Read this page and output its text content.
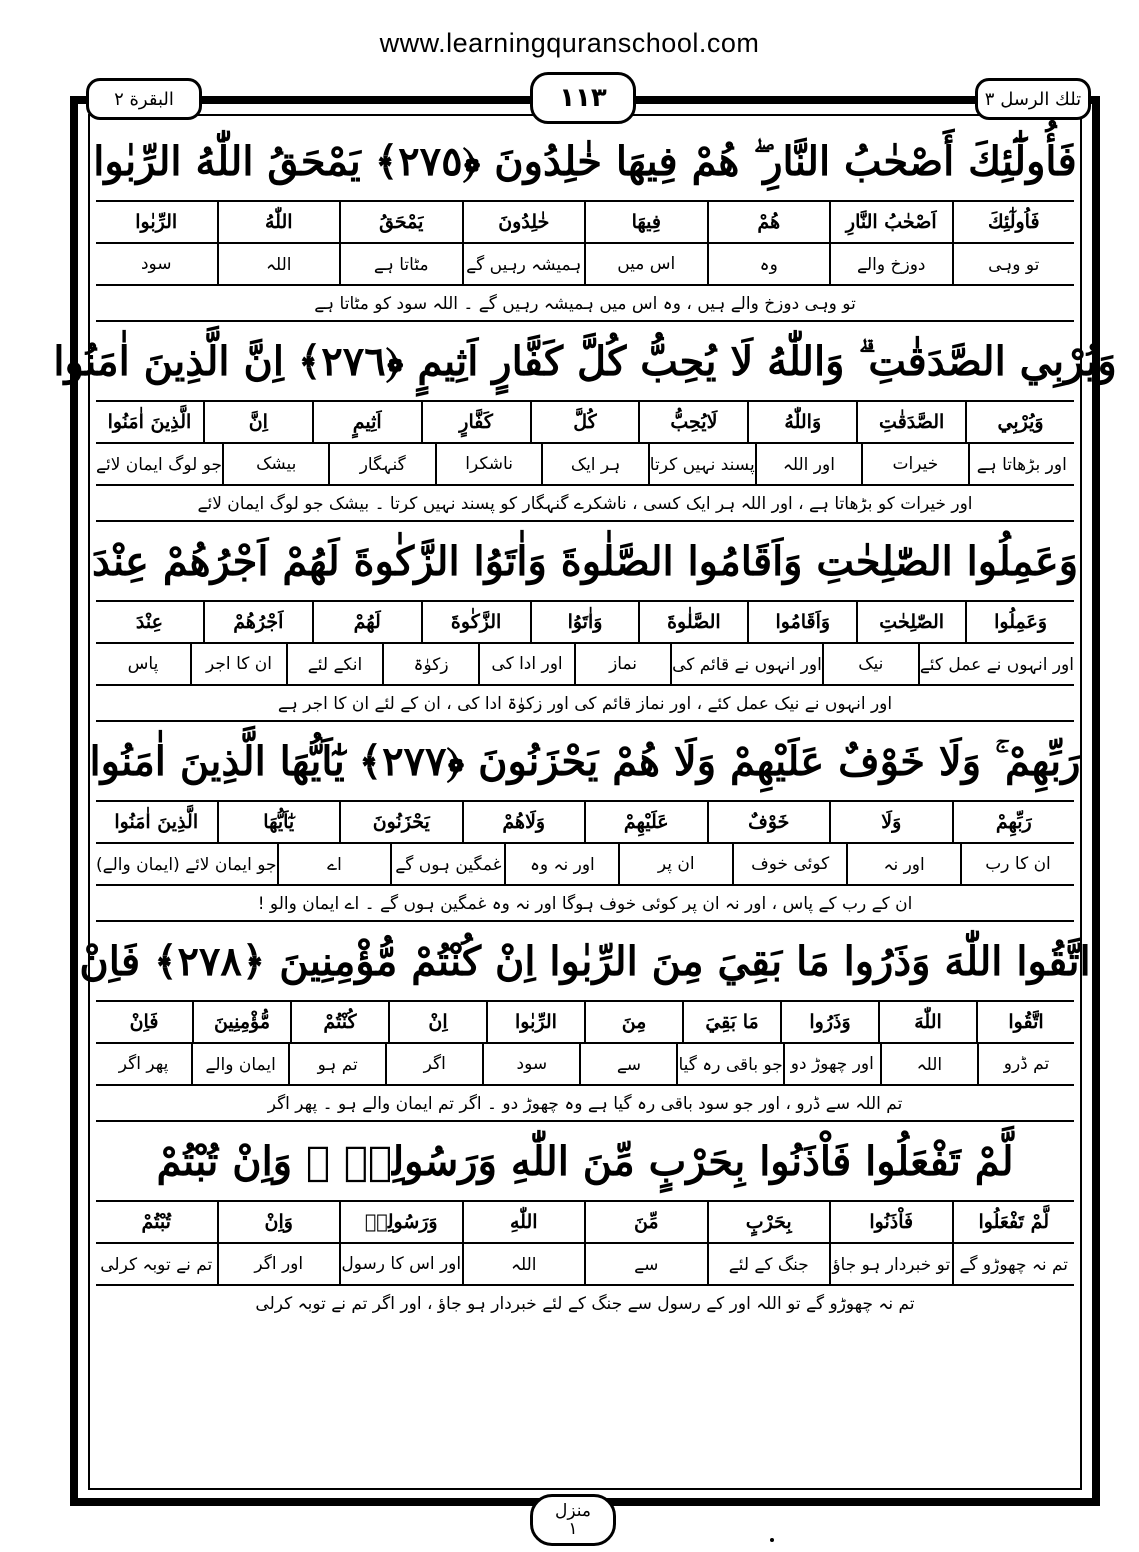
www.learningquranschool.com
البقرة ٢	١١٣	تلك الرسل ٣
فَأُولَٰٓئِكَ أَصْحٰبُ النَّارِ ۖ هُمْ فِيهَا خٰلِدُونَ ﴿٢٧٥﴾ يَمْحَقُ اللّٰهُ الرِّبٰوا
فَاُولٰٓئِكَ
اَصْحٰبُ النَّارِ
هُمْ
فِيهَا
خٰلِدُونَ
يَمْحَقُ
اللّٰهُ
الرِّبٰوا
تو وہی
دوزخ والے
وہ
اس میں
ہمیشہ رہیں گے
مٹاتا ہے
اللہ
سود
تو وہی دوزخ والے ہیں ، وہ اس میں ہمیشہ رہیں گے ۔ اللہ سود کو مٹاتا ہے
وَيُرْبِي الصَّدَقٰتِ ۗ وَاللّٰهُ لَا يُحِبُّ كُلَّ كَفَّارٍ اَثِيمٍ ﴿٢٧٦﴾ اِنَّ الَّذِينَ اٰمَنُوا
وَيُرْبِي
الصَّدَقٰتِ
وَاللّٰهُ
لَايُحِبُّ
كُلَّ
كَفَّارٍ
اَثِيمٍ
اِنَّ
الَّذِينَ اٰمَنُوا
اور بڑھاتا ہے
خیرات
اور اللہ
پسند نہیں کرتا
ہر ایک
ناشکرا
گنہگار
بیشک
جو لوگ ایمان لائے
اور خیرات کو بڑھاتا ہے ، اور اللہ ہر ایک کسی ، ناشکرے گنہگار کو پسند نہیں کرتا ۔ بیشک جو لوگ ایمان لائے
وَعَمِلُوا الصّٰلِحٰتِ وَاَقَامُوا الصَّلٰوةَ وَاٰتَوُا الزَّكٰوةَ لَهُمْ اَجْرُهُمْ عِنْدَ
وَعَمِلُوا
الصّٰلِحٰتِ
وَاَقَامُوا
الصَّلٰوةَ
وَاٰتَوُا
الزَّكٰوةَ
لَهُمْ
اَجْرُهُمْ
عِنْدَ
اور انہوں نے عمل کئے
نیک
اور انہوں نے قائم کی
نماز
اور ادا کی
زکوٰۃ
انکے لئے
ان کا اجر
پاس
اور انہوں نے نیک عمل کئے ، اور نماز قائم کی اور زکوٰۃ ادا کی ، ان کے لئے ان کا اجر ہے
رَبِّهِمْ ۚ وَلَا خَوْفٌ عَلَيْهِمْ وَلَا هُمْ يَحْزَنُونَ ﴿٢٧٧﴾ يٰٓاَيُّهَا الَّذِينَ اٰمَنُوا
رَبِّهِمْ
وَلَا
خَوْفٌ
عَلَيْهِمْ
وَلَاهُمْ
يَحْزَنُونَ
يٰٓاَيُّهَا
الَّذِينَ اٰمَنُوا
ان کا رب
اور نہ
کوئی خوف
ان پر
اور نہ وہ
غمگین ہوں گے
اے
جو ایمان لائے (ایمان والے)
ان کے رب کے پاس ، اور نہ ان پر کوئی خوف ہوگا اور نہ وہ غمگین ہوں گے ۔ اے ایمان والو !
اتَّقُوا اللّٰهَ وَذَرُوا مَا بَقِيَ مِنَ الرِّبٰوا اِنْ كُنْتُمْ مُّؤْمِنِينَ ﴿٢٧٨﴾ فَاِنْ
اتَّقُوا
اللّٰهَ
وَذَرُوا
مَا بَقِيَ
مِنَ
الرِّبٰوا
اِنْ
كُنْتُمْ
مُّؤْمِنِينَ
فَاِنْ
تم ڈرو
اللہ
اور چھوڑ دو
جو باقی رہ گیا
سے
سود
اگر
تم ہو
ایمان والے
پھر اگر
تم اللہ سے ڈرو ، اور جو سود باقی رہ گیا ہے وہ چھوڑ دو ۔ اگر تم ایمان والے ہو ۔ پھر اگر
لَّمْ تَفْعَلُوا فَاْذَنُوا بِحَرْبٍ مِّنَ اللّٰهِ وَرَسُولِهٖ ۚ وَاِنْ تُبْتُمْ
لَّمْ تَفْعَلُوا
فَاْذَنُوا
بِحَرْبٍ
مِّنَ
اللّٰهِ
وَرَسُولِهٖ
وَاِنْ
تُبْتُمْ
تم نہ چھوڑو گے
تو خبردار ہو جاؤ
جنگ کے لئے
سے
اللہ
اور اس کا رسول
اور اگر
تم نے توبہ کرلی
تم نہ چھوڑو گے تو اللہ اور کے رسول سے جنگ کے لئے خبردار ہو جاؤ ، اور اگر تم نے توبہ کرلی
منزل
١
